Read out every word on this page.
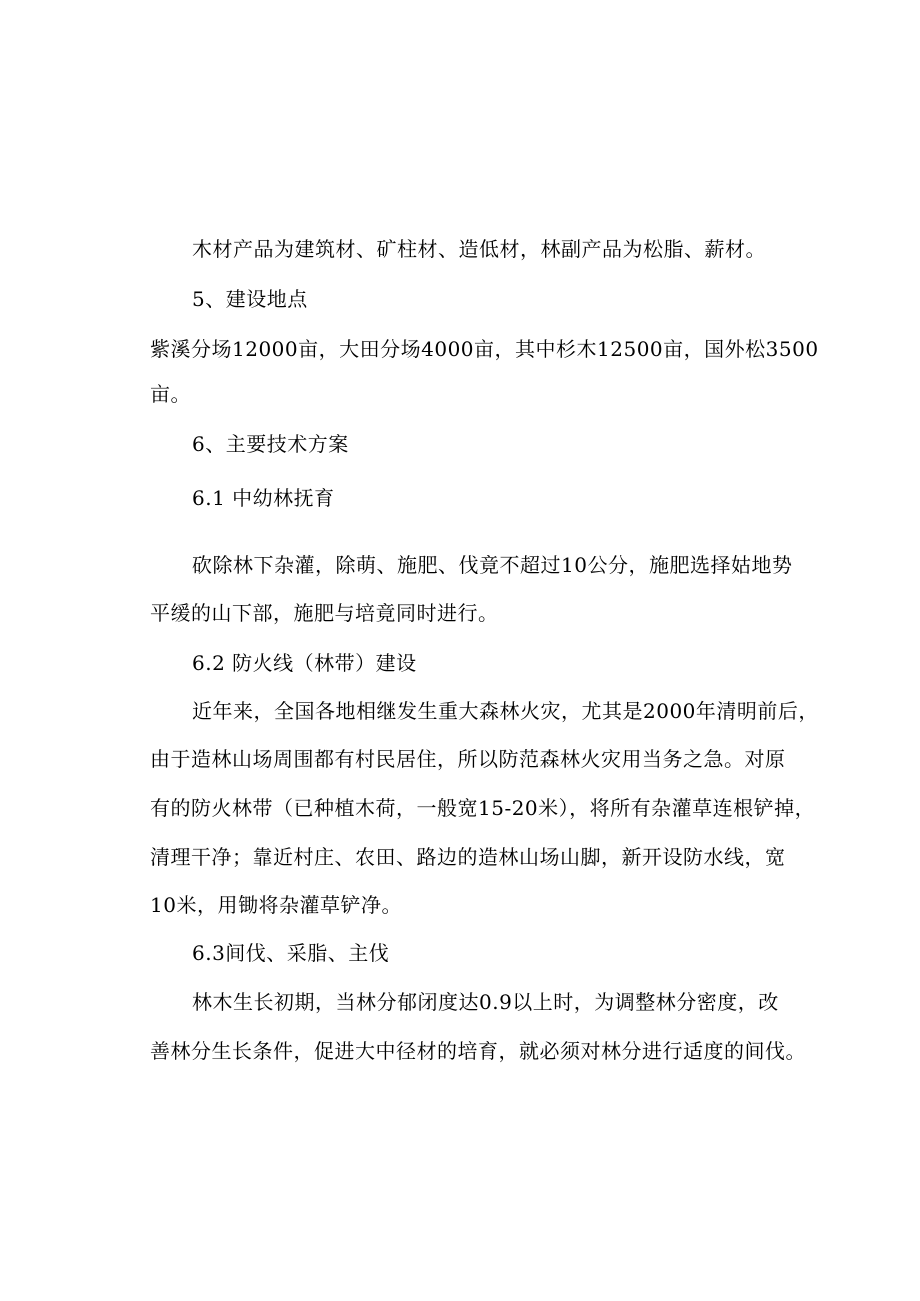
木材产品为建筑材、矿柱材、造低材，林副产品为松脂、薪材。
5、建设地点
紫溪分场12000亩，大田分场4000亩，其中杉木12500亩，国外松3500
亩。
6、主要技术方案
6.1 中幼林抚育
砍除林下杂灌，除萌、施肥、伐竟不超过10公分，施肥选择姑地势
平缓的山下部，施肥与培竟同时进行。
6.2 防火线（林带）建设
近年来，全国各地相继发生重大森林火灾，尤其是2000年清明前后，
由于造林山场周围都有村民居住，所以防范森林火灾用当务之急。对原
有的防火林带（已种植木荷，一般宽15-20米），将所有杂灌草连根铲掉，
清理干净；靠近村庄、农田、路边的造林山场山脚，新开设防水线，宽
10米，用锄将杂灌草铲净。
6.3间伐、采脂、主伐
林木生长初期，当林分郁闭度达0.9以上时，为调整林分密度，改
善林分生长条件，促进大中径材的培育，就必须对林分进行适度的间伐。
